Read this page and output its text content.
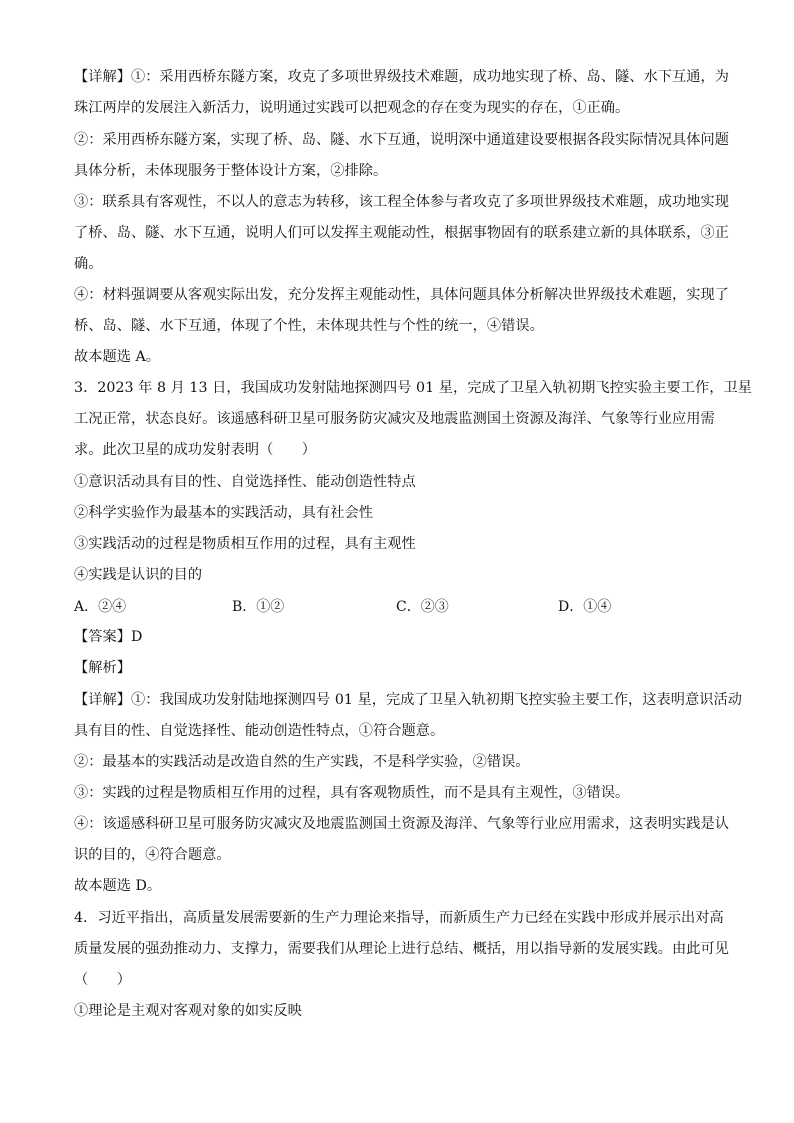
【详解】①：采用西桥东隧方案，攻克了多项世界级技术难题，成功地实现了桥、岛、隧、水下互通，为
珠江两岸的发展注入新活力，说明通过实践可以把观念的存在变为现实的存在，①正确。
②：采用西桥东隧方案，实现了桥、岛、隧、水下互通，说明深中通道建设要根据各段实际情况具体问题
具体分析，未体现服务于整体设计方案，②排除。
③：联系具有客观性，不以人的意志为转移，该工程全体参与者攻克了多项世界级技术难题，成功地实现
了桥、岛、隧、水下互通，说明人们可以发挥主观能动性，根据事物固有的联系建立新的具体联系，③正
确。
④：材料强调要从客观实际出发，充分发挥主观能动性，具体问题具体分析解决世界级技术难题，实现了
桥、岛、隧、水下互通，体现了个性，未体现共性与个性的统一，④错误。
故本题选 A。
3．2023 年 8 月 13 日，我国成功发射陆地探测四号 01 星，完成了卫星入轨初期飞控实验主要工作，卫星
工况正常，状态良好。该遥感科研卫星可服务防灾减灾及地震监测国土资源及海洋、气象等行业应用需
求。此次卫星的成功发射表明（　　）
①意识活动具有目的性、自觉选择性、能动创造性特点
②科学实验作为最基本的实践活动，具有社会性
③实践活动的过程是物质相互作用的过程，具有主观性
④实践是认识的目的
A．②④	B．①②	C．②③	D．①④
【答案】D
【解析】
【详解】①：我国成功发射陆地探测四号 01 星，完成了卫星入轨初期飞控实验主要工作，这表明意识活动
具有目的性、自觉选择性、能动创造性特点，①符合题意。
②：最基本的实践活动是改造自然的生产实践，不是科学实验，②错误。
③：实践的过程是物质相互作用的过程，具有客观物质性，而不是具有主观性，③错误。
④：该遥感科研卫星可服务防灾减灾及地震监测国土资源及海洋、气象等行业应用需求，这表明实践是认
识的目的，④符合题意。
故本题选 D。
4．习近平指出，高质量发展需要新的生产力理论来指导，而新质生产力已经在实践中形成并展示出对高
质量发展的强劲推动力、支撑力，需要我们从理论上进行总结、概括，用以指导新的发展实践。由此可见
（　　）
①理论是主观对客观对象的如实反映
